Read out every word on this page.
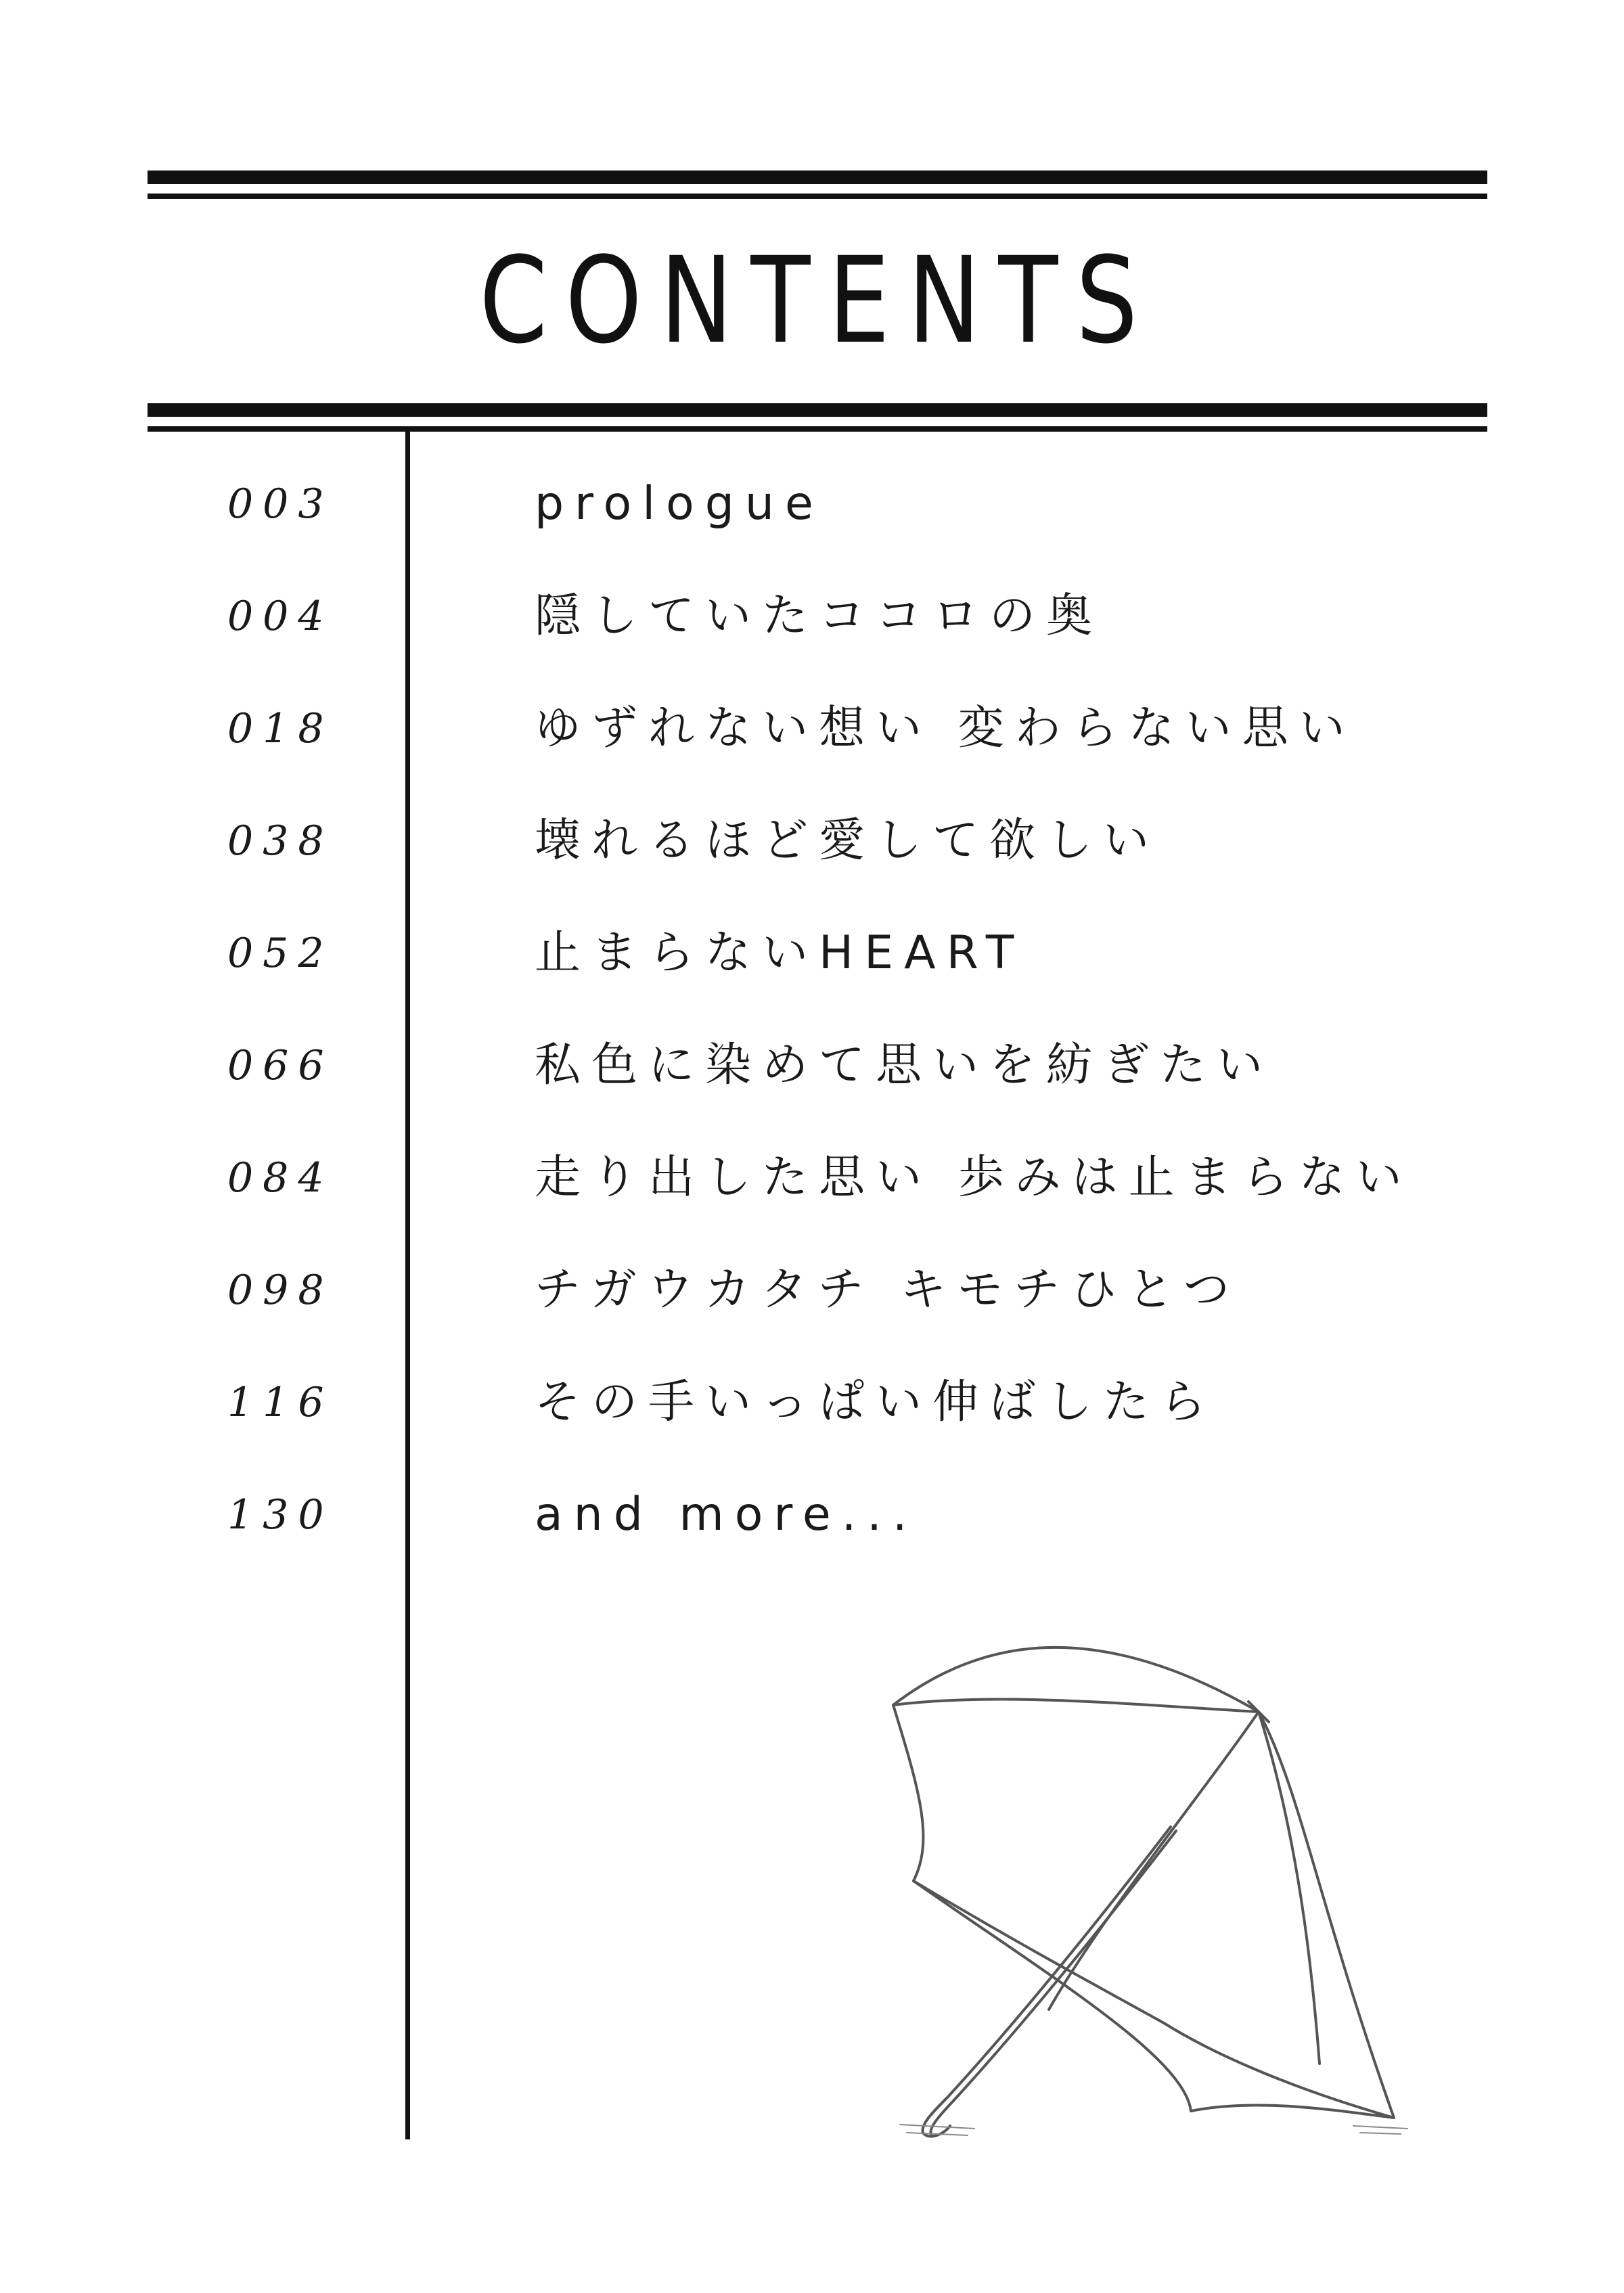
CONTENTS
003	prologue
004	隠していたココロの奥
018	ゆずれない想い 変わらない思い
038	壊れるほど愛して欲しい
052	止まらないHEART
066	私色に染めて思いを紡ぎたい
084	走り出した思い 歩みは止まらない
098	チガウカタチ キモチひとつ
116	その手いっぱい伸ばしたら
130	and more...
